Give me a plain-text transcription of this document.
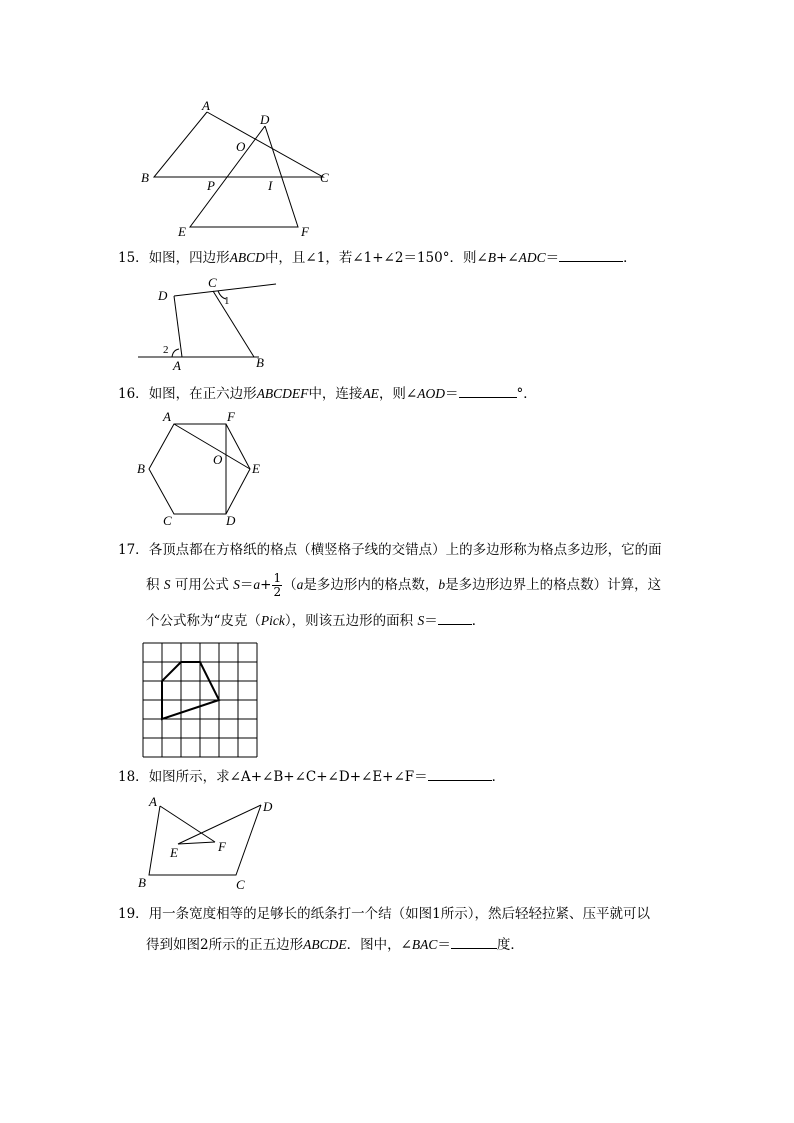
A
D
O
B
P	I
C
E	F
15．如图，四边形ABCD中，且∠1，若∠1+∠2＝150°．则∠B+∠ADC＝	．
D
C
1
2
A	B
16．如图，在正六边形ABCDEF中，连接AE，则∠AOD＝	°．
A	F
B
O
E
C	D
17．各顶点都在方格纸的格点（横竖格子线的交错点）上的多边形称为格点多边形，它的面
积 S 可用公式 $S=a+ \frac{1}{2} (a$是多边形内的格点数，b是多边形边界上的格点数）计算，这
个公式称为“皮克（Pick），则该五边形的面积 S＝	．
18．如图所示，求∠A+∠B+∠C+∠D+∠E+∠F＝	．
A	D
E	F
B	C
19．用一条宽度相等的足够长的纸条打一个结（如图1所示），然后轻轻拉紧、压平就可以
得到如图2所示的正五边形ABCDE．图中，∠BAC＝	度．
